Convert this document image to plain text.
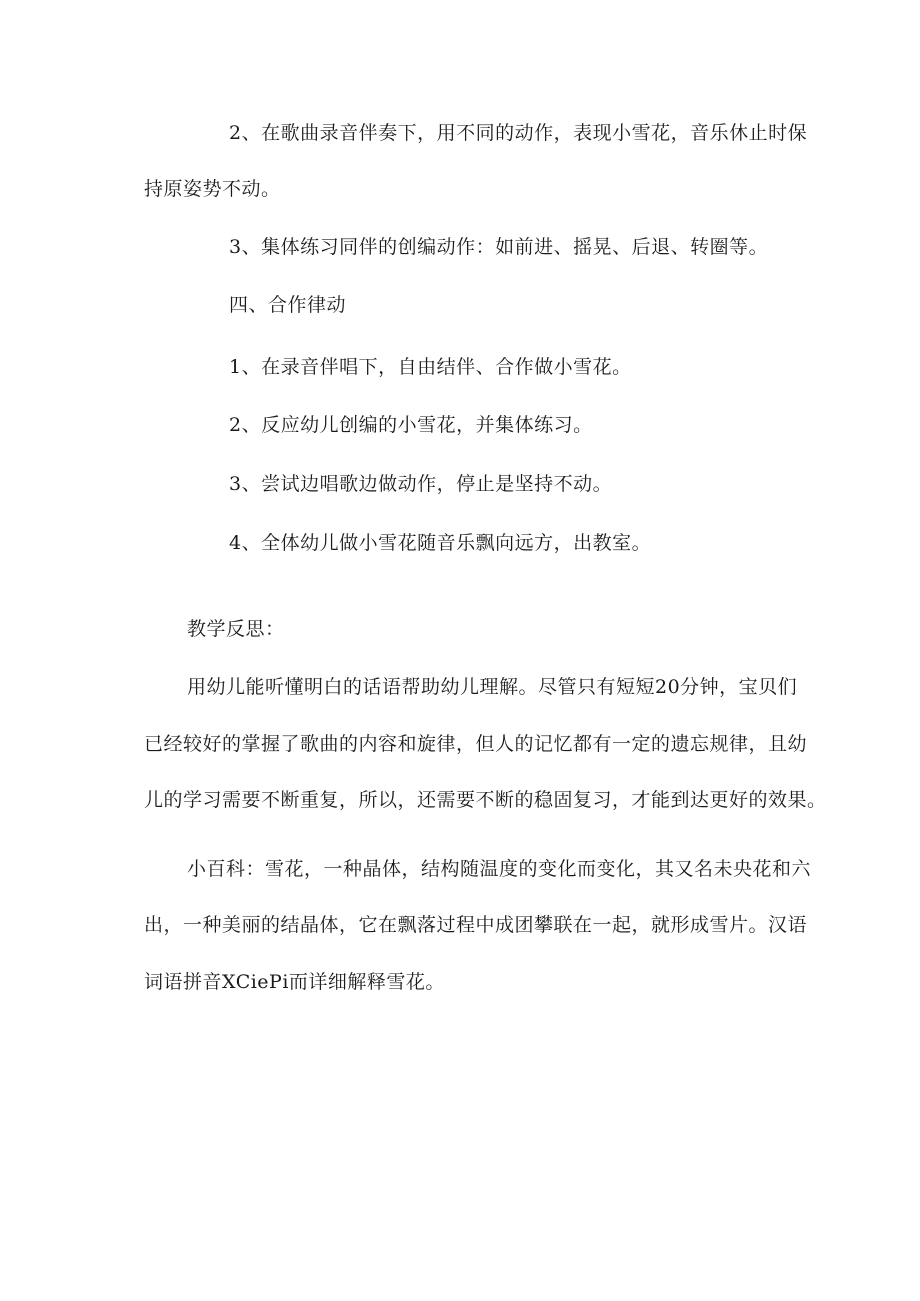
2、在歌曲录音伴奏下，用不同的动作，表现小雪花，音乐休止时保
持原姿势不动。
3、集体练习同伴的创编动作：如前进、摇晃、后退、转圈等。
四、合作律动
1、在录音伴唱下，自由结伴、合作做小雪花。
2、反应幼儿创编的小雪花，并集体练习。
3、尝试边唱歌边做动作，停止是坚持不动。
4、全体幼儿做小雪花随音乐飘向远方，出教室。
教学反思：
用幼儿能听懂明白的话语帮助幼儿理解。尽管只有短短20分钟，宝贝们
已经较好的掌握了歌曲的内容和旋律，但人的记忆都有一定的遗忘规律，且幼
儿的学习需要不断重复，所以，还需要不断的稳固复习，才能到达更好的效果。
小百科：雪花，一种晶体，结构随温度的变化而变化，其又名未央花和六
出，一种美丽的结晶体，它在飘落过程中成团攀联在一起，就形成雪片。汉语
词语拼音XCiePi而详细解释雪花。
